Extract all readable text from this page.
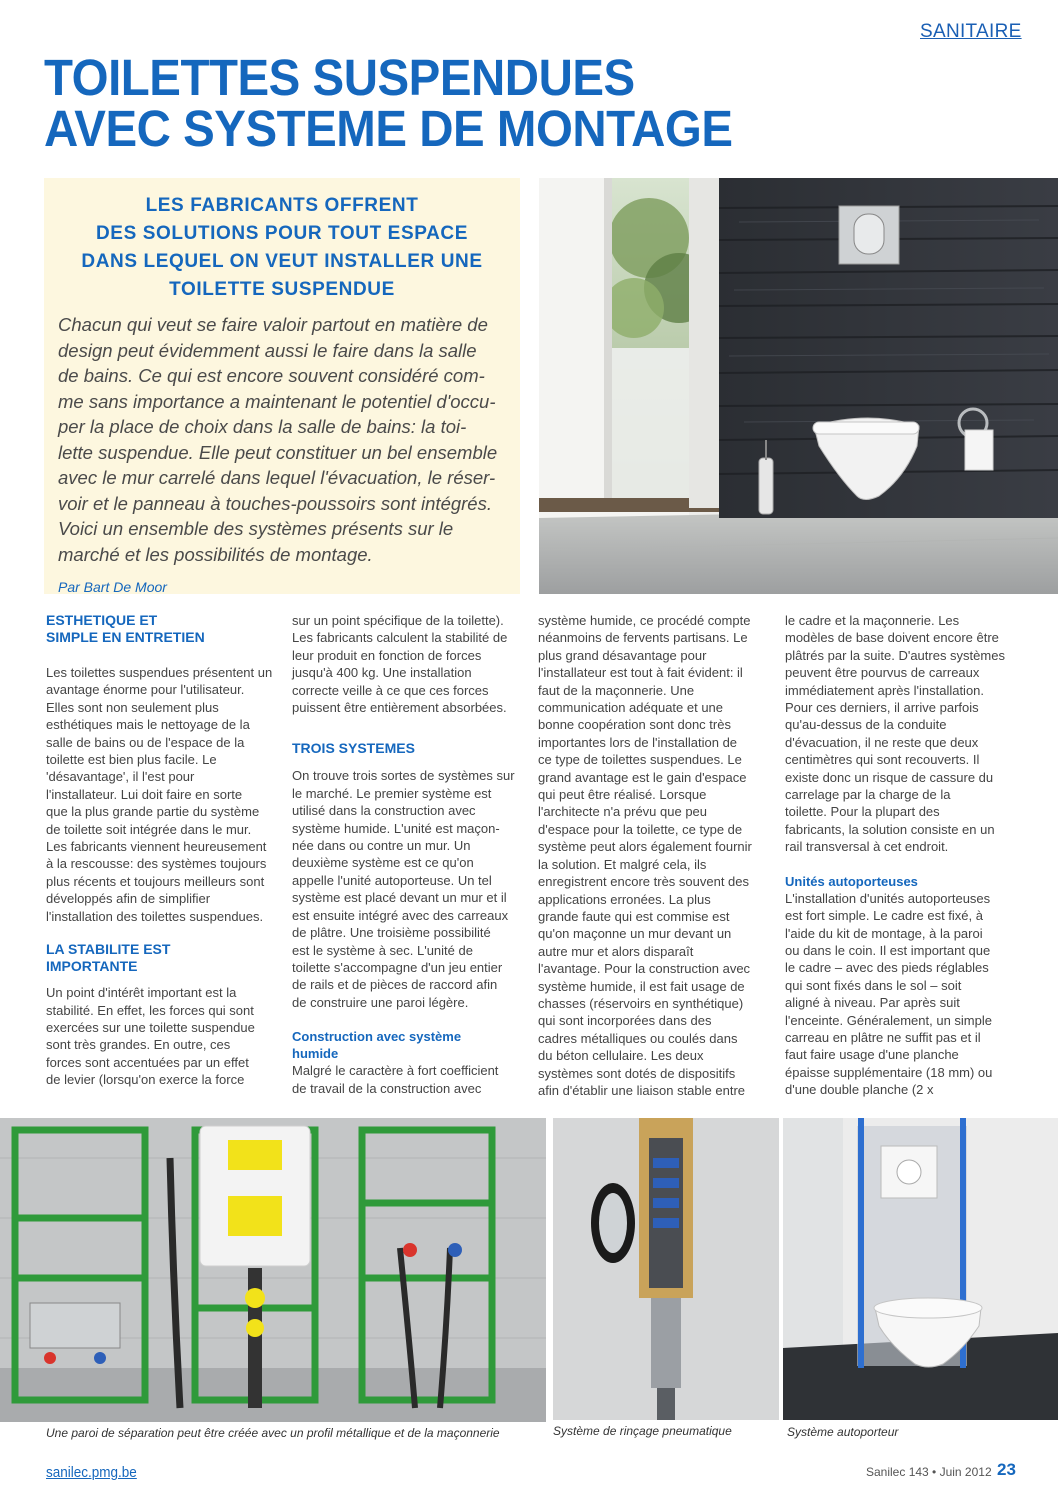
SANITAIRE
TOILETTES SUSPENDUES
AVEC SYSTEME DE MONTAGE
LES FABRICANTS OFFRENT
DES SOLUTIONS POUR TOUT ESPACE
DANS LEQUEL ON VEUT INSTALLER UNE
TOILETTE SUSPENDUE

Chacun qui veut se faire valoir partout en matière de
design peut évidemment aussi le faire dans la salle
de bains. Ce qui est encore souvent considéré com-
me sans importance a maintenant le potentiel d'occu-
per la place de choix dans la salle de bains: la toi-
lette suspendue. Elle peut constituer un bel ensemble
avec le mur carrelé dans lequel l'évacuation, le réser-
voir et le panneau à touches-poussoirs sont intégrés.
Voici un ensemble des systèmes présents sur le
marché et les possibilités de montage.

Par Bart De Moor
ESTHETIQUE ET
SIMPLE EN ENTRETIEN

Les toilettes suspendues présentent un
avantage énorme pour l'utilisateur.
Elles sont non seulement plus
esthétiques mais le nettoyage de la
salle de bains ou de l'espace de la
toilette est bien plus facile. Le
'désavantage', il l'est pour
l'installateur. Lui doit faire en sorte
que la plus grande partie du système
de toilette soit intégrée dans le mur.
Les fabricants viennent heureusement
à la rescousse: des systèmes toujours
plus récents et toujours meilleurs sont
développés afin de simplifier
l'installation des toilettes suspendues.

LA STABILITE EST
IMPORTANTE

Un point d'intérêt important est la
stabilité. En effet, les forces qui sont
exercées sur une toilette suspendue
sont très grandes. En outre, ces
forces sont accentuées par un effet
de levier (lorsqu'on exerce la force

sur un point spécifique de la toilette).
Les fabricants calculent la stabilité de
leur produit en fonction de forces
jusqu'à 400 kg. Une installation
correcte veille à ce que ces forces
puissent être entièrement absorbées.

TROIS SYSTEMES

On trouve trois sortes de systèmes sur
le marché. Le premier système est
utilisé dans la construction avec
système humide. L'unité est maçon-
née dans ou contre un mur. Un
deuxième système est ce qu'on
appelle l'unité autoporteuse. Un tel
système est placé devant un mur et il
est ensuite intégré avec des carreaux
de plâtre. Une troisième possibilité
est le système à sec. L'unité de
toilette s'accompagne d'un jeu entier
de rails et de pièces de raccord afin
de construire une paroi légère.

Construction avec système
humide

Malgré le caractère à fort coefficient
de travail de la construction avec

système humide, ce procédé compte
néanmoins de fervents partisans. Le
plus grand désavantage pour
l'installateur est tout à fait évident: il
faut de la maçonnerie. Une
communication adéquate et une
bonne coopération sont donc très
importantes lors de l'installation de
ce type de toilettes suspendues. Le
grand avantage est le gain d'espace
qui peut être réalisé. Lorsque
l'architecte n'a prévu que peu
d'espace pour la toilette, ce type de
système peut alors également fournir
la solution. Et malgré cela, ils
enregistrent encore très souvent des
applications erronées. La plus
grande faute qui est commise est
qu'on maçonne un mur devant un
autre mur et alors disparaît
l'avantage. Pour la construction avec
système humide, il est fait usage de
chasses (réservoirs en synthétique)
qui sont incorporées dans des
cadres métalliques ou coulés dans
du béton cellulaire. Les deux
systèmes sont dotés de dispositifs
afin d'établir une liaison stable entre

le cadre et la maçonnerie. Les
modèles de base doivent encore être
plâtrés par la suite. D'autres systèmes
peuvent être pourvus de carreaux
immédiatement après l'installation.
Pour ces derniers, il arrive parfois
qu'au-dessus de la conduite
d'évacuation, il ne reste que deux
centimètres qui sont recouverts. Il
existe donc un risque de cassure du
carrelage par la charge de la
toilette. Pour la plupart des
fabricants, la solution consiste en un
rail transversal à cet endroit.

Unités autoporteuses

L'installation d'unités autoporteuses
est fort simple. Le cadre est fixé, à
l'aide du kit de montage, à la paroi
ou dans le coin. Il est important que
le cadre – avec des pieds réglables
qui sont fixés dans le sol – soit
aligné à niveau. Par après suit
l'enceinte. Généralement, un simple
carreau en plâtre ne suffit pas et il
faut faire usage d'une planche
épaisse supplémentaire (18 mm) ou
d'une double planche (2 x

Une paroi de séparation peut être créée avec un profil métallique et de la maçonnerie	Système de rinçage pneumatique	Système autoporteur
sanilec.pmg.be	Sanilec 143 • Juin 2012 23
